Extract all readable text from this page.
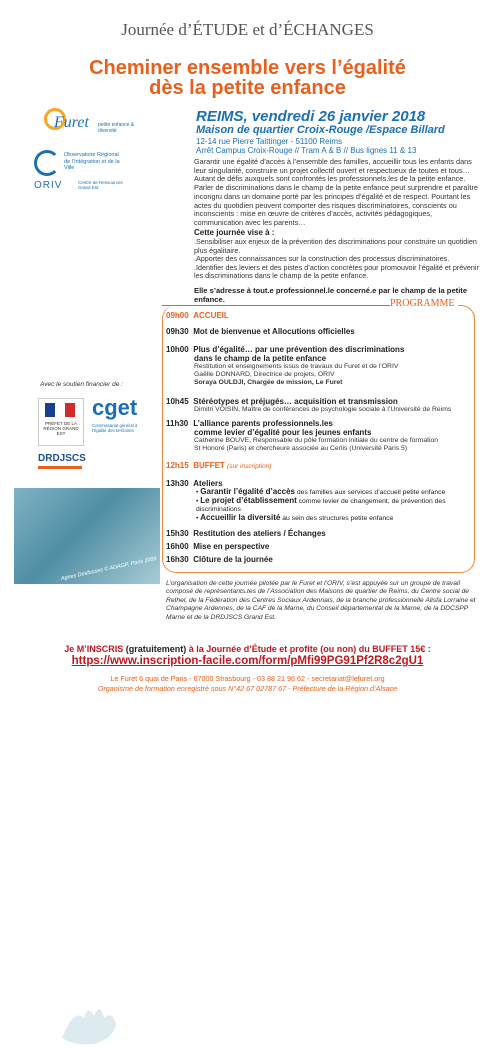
Journée d’ÉTUDE et d’ÉCHANGES
Cheminer ensemble vers l’égalité
dès la petite enfance
Furet petite enfance & diversité
Observatoire Régional de l’Intégration et de la Ville
ORIV	Centre de Ressources Grand Est
REIMS, vendredi 26 janvier 2018
Maison de quartier Croix-Rouge /Espace Billard
12-14 rue Pierre Taittinger - 51100 Reims
Arrêt Campus Croix-Rouge // Tram A & B // Bus lignes 11 & 13

Garantir une égalité d’accès à l’ensemble des familles, accueillir tous les enfants dans leur singularité, construire un projet collectif ouvert et respectueux de toutes et tous…

Autant de défis auxquels sont confrontés les professionnels.les de la petite enfance.

Parler de discriminations dans le champ de la petite enfance peut surprendre et paraître incongru dans un domaine porté par les principes d’égalité et de respect. Pourtant les actes du quotidien peuvent comporter des risques discriminatoires, conscients ou inconscients : mise en œuvre de critères d’accès, activités pédagogiques, communication avec les parents…

Cette journée vise à :
.Sensibiliser aux enjeux de la prévention des discriminations pour construire un quotidien plus égalitaire.
.Apporter des connaissances sur la construction des processus discriminatoires.
.Identifier des leviers et des pistes d’action concrètes pour promouvoir l’égalité et prévenir les discriminations dans le champ de la petite enfance.
Elle s’adresse à tout.e professionnel.le concerné.e par le champ de la petite enfance.	PROGRAMME
09h00 ACCUEIL
09h30 Mot de bienvenue et Allocutions officielles
10h00 Plus d’égalité… par une prévention des discriminations
dans le champ de la petite enfance
Restitution et enseignements issus de travaux du Furet et de l’ORIV
Gaëlle DONNARD, Directrice de projets, ORIV
Soraya OULDJI, Chargée de mission, Le Furet
10h45 Stéréotypes et préjugés… acquisition et transmission
Dimitri VOISIN, Maître de conférences de psychologie sociale à l’Université de Reims
11h30 L’alliance parents professionnels.les
comme levier d’égalité pour les jeunes enfants
Catherine BOUVE, Responsable du pôle formation initiale du centre de formation
St Honoré (Paris) et chercheure associée au Cerlis (Université Paris 5)
12h15 BUFFET (sur inscription)
13h30 Ateliers
• Garantir l’égalité d’accès des familles aux services d’accueil petite enfance
• Le projet d’établissement comme levier de changement, de prévention des discriminations
• Accueillir la diversité au sein des structures petite enfance
15h30 Restitution des ateliers / Échanges
16h00 Mise en perspective
16h30 Clôture de la journée
Avec le soutien financier de :
PRÉFET DE LA RÉGION GRAND EST
cget
Commissariat général à l’égalité des territoires
DRDJSCS
Agnes Desfosses © ADAGP, Paris 2009
L’organisation de cette journée pilotée par le Furet et l’ORIV, s’est appuyée sur un groupe de travail composé de représentants.tes de l’Association des Maisons de quartier de Reims, du Centre social de Rethel, de la Fédération des Centres Sociaux Ardennais, de la branche professionnelle Alisfa Lorraine et Champagne Ardennes, de la CAF de la Marne, du Conseil départemental de la Marne, de la DDCSPP Marne et de la DRDJSCS Grand Est.
Je M’INSCRIS (gratuitement) à la Journée d’Étude et profite (ou non) du BUFFET 15€ :
https://www.inscription-facile.com/form/pMfi99PG91Pf2R8c2gU1
Le Furet 6 quai de Paris - 67000 Strasbourg - 03 88 21 96 62 - secretariat@lefuret.org
Organisme de formation enregistré sous N°42 67 02787 67 - Préfecture de la Région d’Alsace
